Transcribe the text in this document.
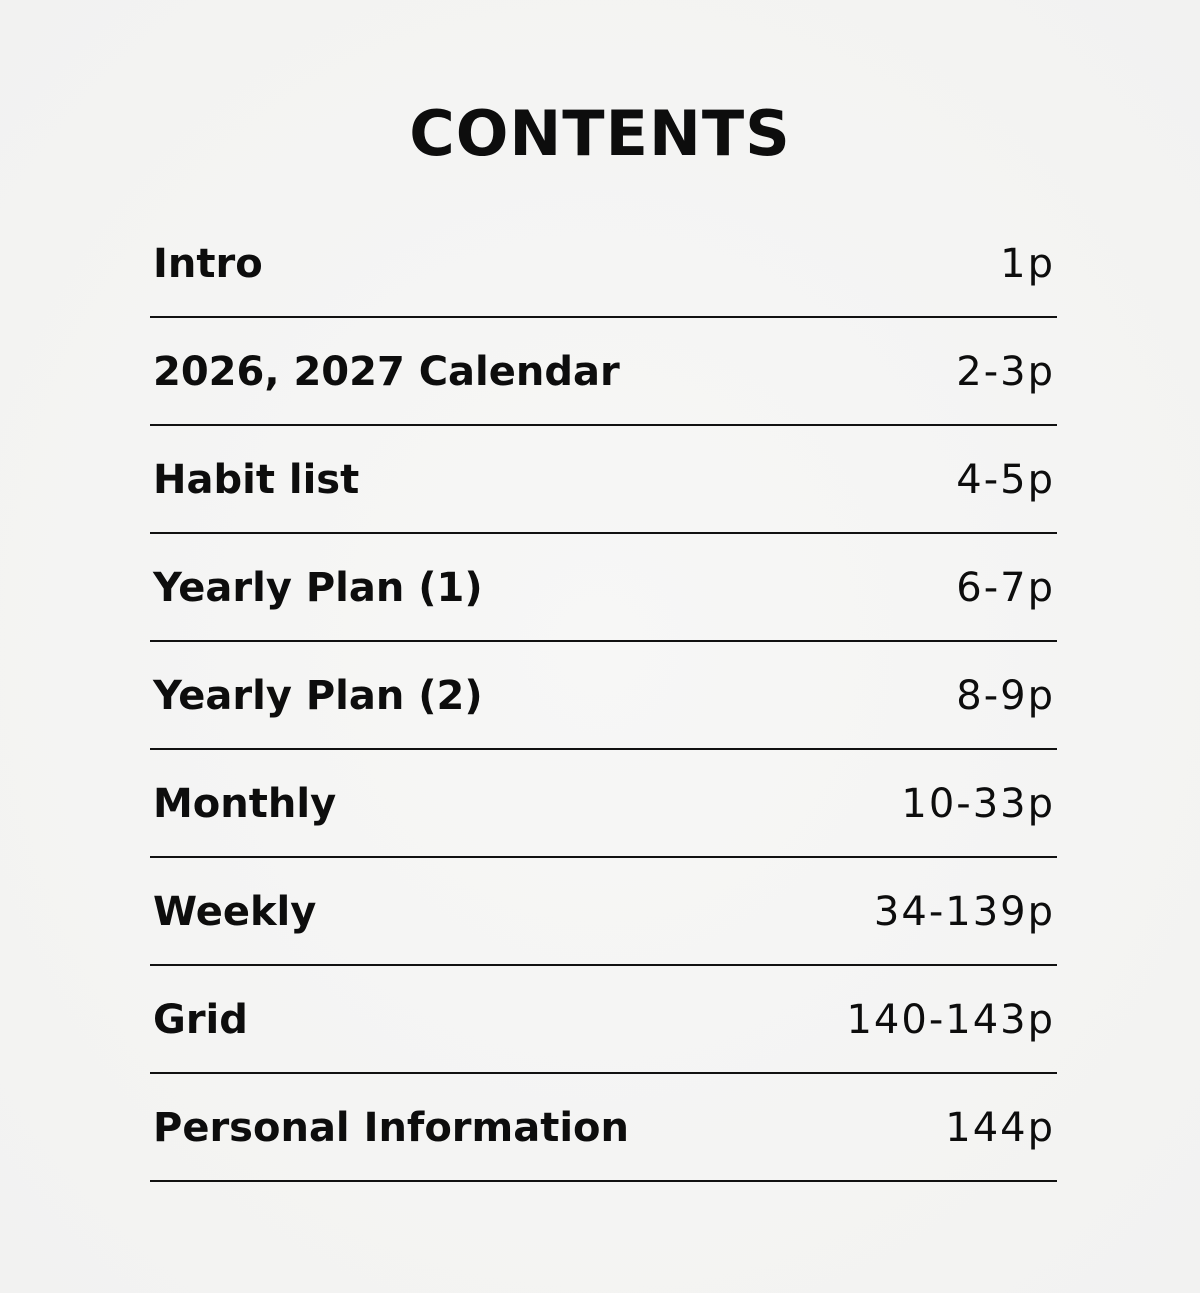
CONTENTS
Intro	1p
2026, 2027 Calendar	2-3p
Habit list	4-5p
Yearly Plan (1)	6-7p
Yearly Plan (2)	8-9p
Monthly	10-33p
Weekly	34-139p
Grid	140-143p
Personal Information	144p
